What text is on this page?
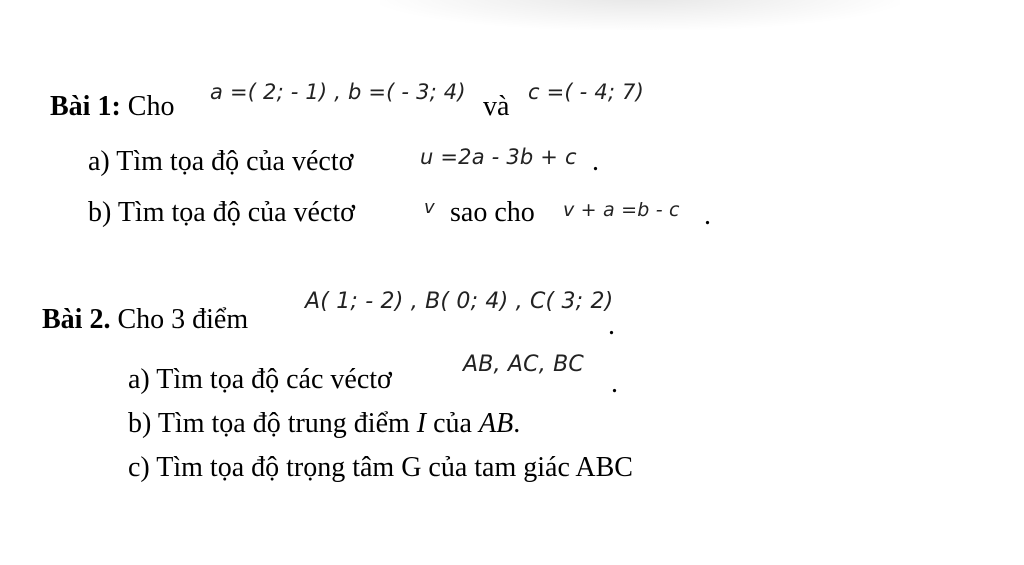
Bài 1: Cho a =( 2; - 1) , b =( - 3; 4) và c =( - 4; 7)
a) Tìm tọa độ của véctơ	u =2a - 3b + c .
b) Tìm tọa độ của véctơ	v sao cho v + a =b - c .
Bài 2. Cho 3 điểm
A( 1; - 2) , B( 0; 4) , C( 3; 2)
.
a) Tìm tọa độ các véctơ	AB, AC, BC
.
b) Tìm tọa độ trung điểm I của AB.
c) Tìm tọa độ trọng tâm G của tam giác ABC
